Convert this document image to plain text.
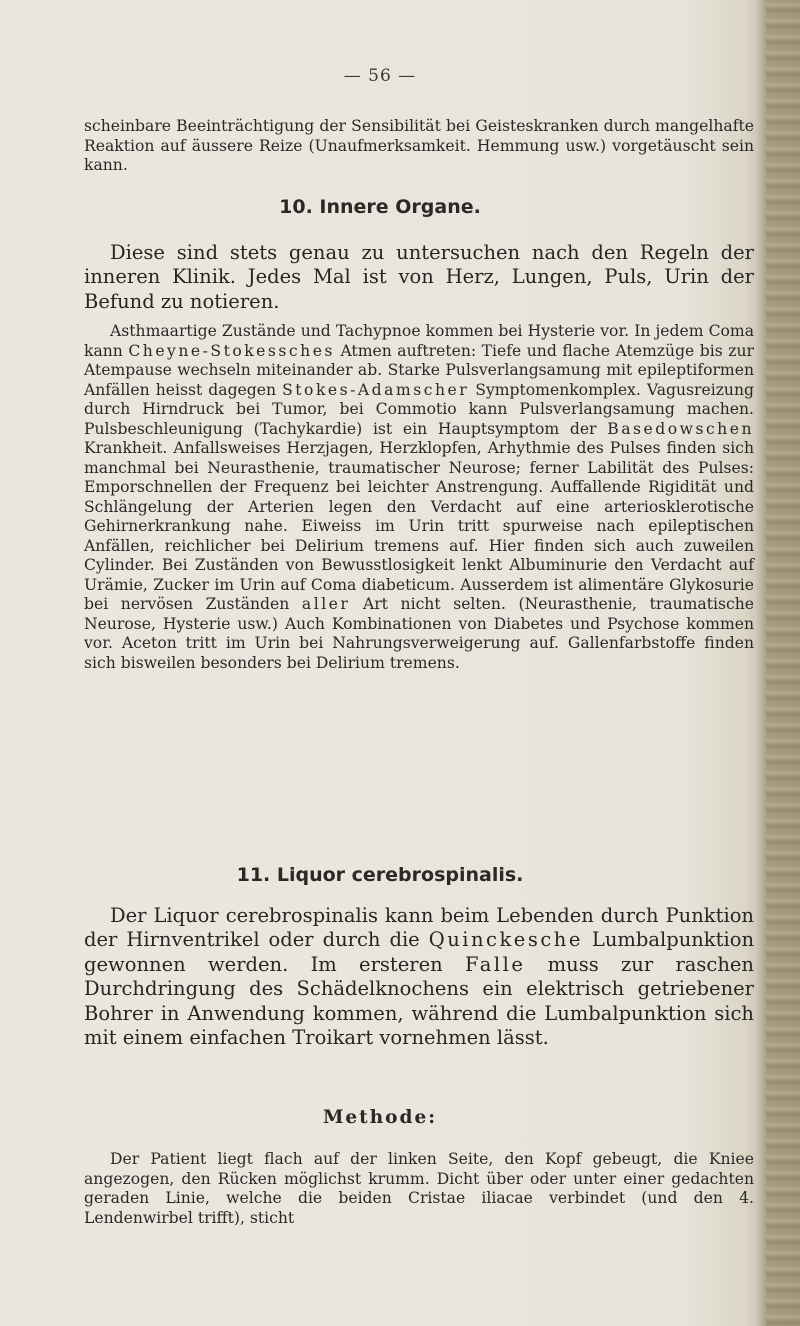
— 56 —

scheinbare Beeinträchtigung der Sensibilität bei Geisteskranken durch mangelhafte Reaktion auf äussere Reize (Unaufmerksamkeit. Hemmung usw.) vorgetäuscht sein kann.

10. Innere Organe.

Diese sind stets genau zu untersuchen nach den Regeln der inneren Klinik. Jedes Mal ist von Herz, Lungen, Puls, Urin der Befund zu notieren.

Asthmaartige Zustände und Tachypnoe kommen bei Hysterie vor. In jedem Coma kann Cheyne-Stokessches Atmen auftreten: Tiefe und flache Atemzüge bis zur Atempause wechseln miteinander ab. Starke Pulsverlangsamung mit epileptiformen Anfällen heisst dagegen Stokes-Adamscher Symptomenkomplex. Vagusreizung durch Hirndruck bei Tumor, bei Commotio kann Pulsverlangsamung machen. Pulsbeschleunigung (Tachykardie) ist ein Hauptsymptom der Basedowschen Krankheit. Anfallsweises Herzjagen, Herzklopfen, Arhythmie des Pulses finden sich manchmal bei Neurasthenie, traumatischer Neurose; ferner Labilität des Pulses: Emporschnellen der Frequenz bei leichter Anstrengung. Auffallende Rigidität und Schlängelung der Arterien legen den Verdacht auf eine arteriosklerotische Gehirnerkrankung nahe. Eiweiss im Urin tritt spurweise nach epileptischen Anfällen, reichlicher bei Delirium tremens auf. Hier finden sich auch zuweilen Cylinder. Bei Zuständen von Bewusstlosigkeit lenkt Albuminurie den Verdacht auf Urämie, Zucker im Urin auf Coma diabeticum. Ausserdem ist alimentäre Glykosurie bei nervösen Zuständen aller Art nicht selten. (Neurasthenie, traumatische Neurose, Hysterie usw.) Auch Kombinationen von Diabetes und Psychose kommen vor. Aceton tritt im Urin bei Nahrungsverweigerung auf. Gallenfarbstoffe finden sich bisweilen besonders bei Delirium tremens.

11. Liquor cerebrospinalis.

Der Liquor cerebrospinalis kann beim Lebenden durch Punktion der Hirnventrikel oder durch die Quinckesche Lumbalpunktion gewonnen werden. Im ersteren Falle muss zur raschen Durchdringung des Schädelknochens ein elektrisch getriebener Bohrer in Anwendung kommen, während die Lumbalpunktion sich mit einem einfachen Troikart vornehmen lässt.

Methode:

Der Patient liegt flach auf der linken Seite, den Kopf gebeugt, die Kniee angezogen, den Rücken möglichst krumm. Dicht über oder unter einer gedachten geraden Linie, welche die beiden Cristae iliacae verbindet (und den 4. Lendenwirbel trifft), sticht
